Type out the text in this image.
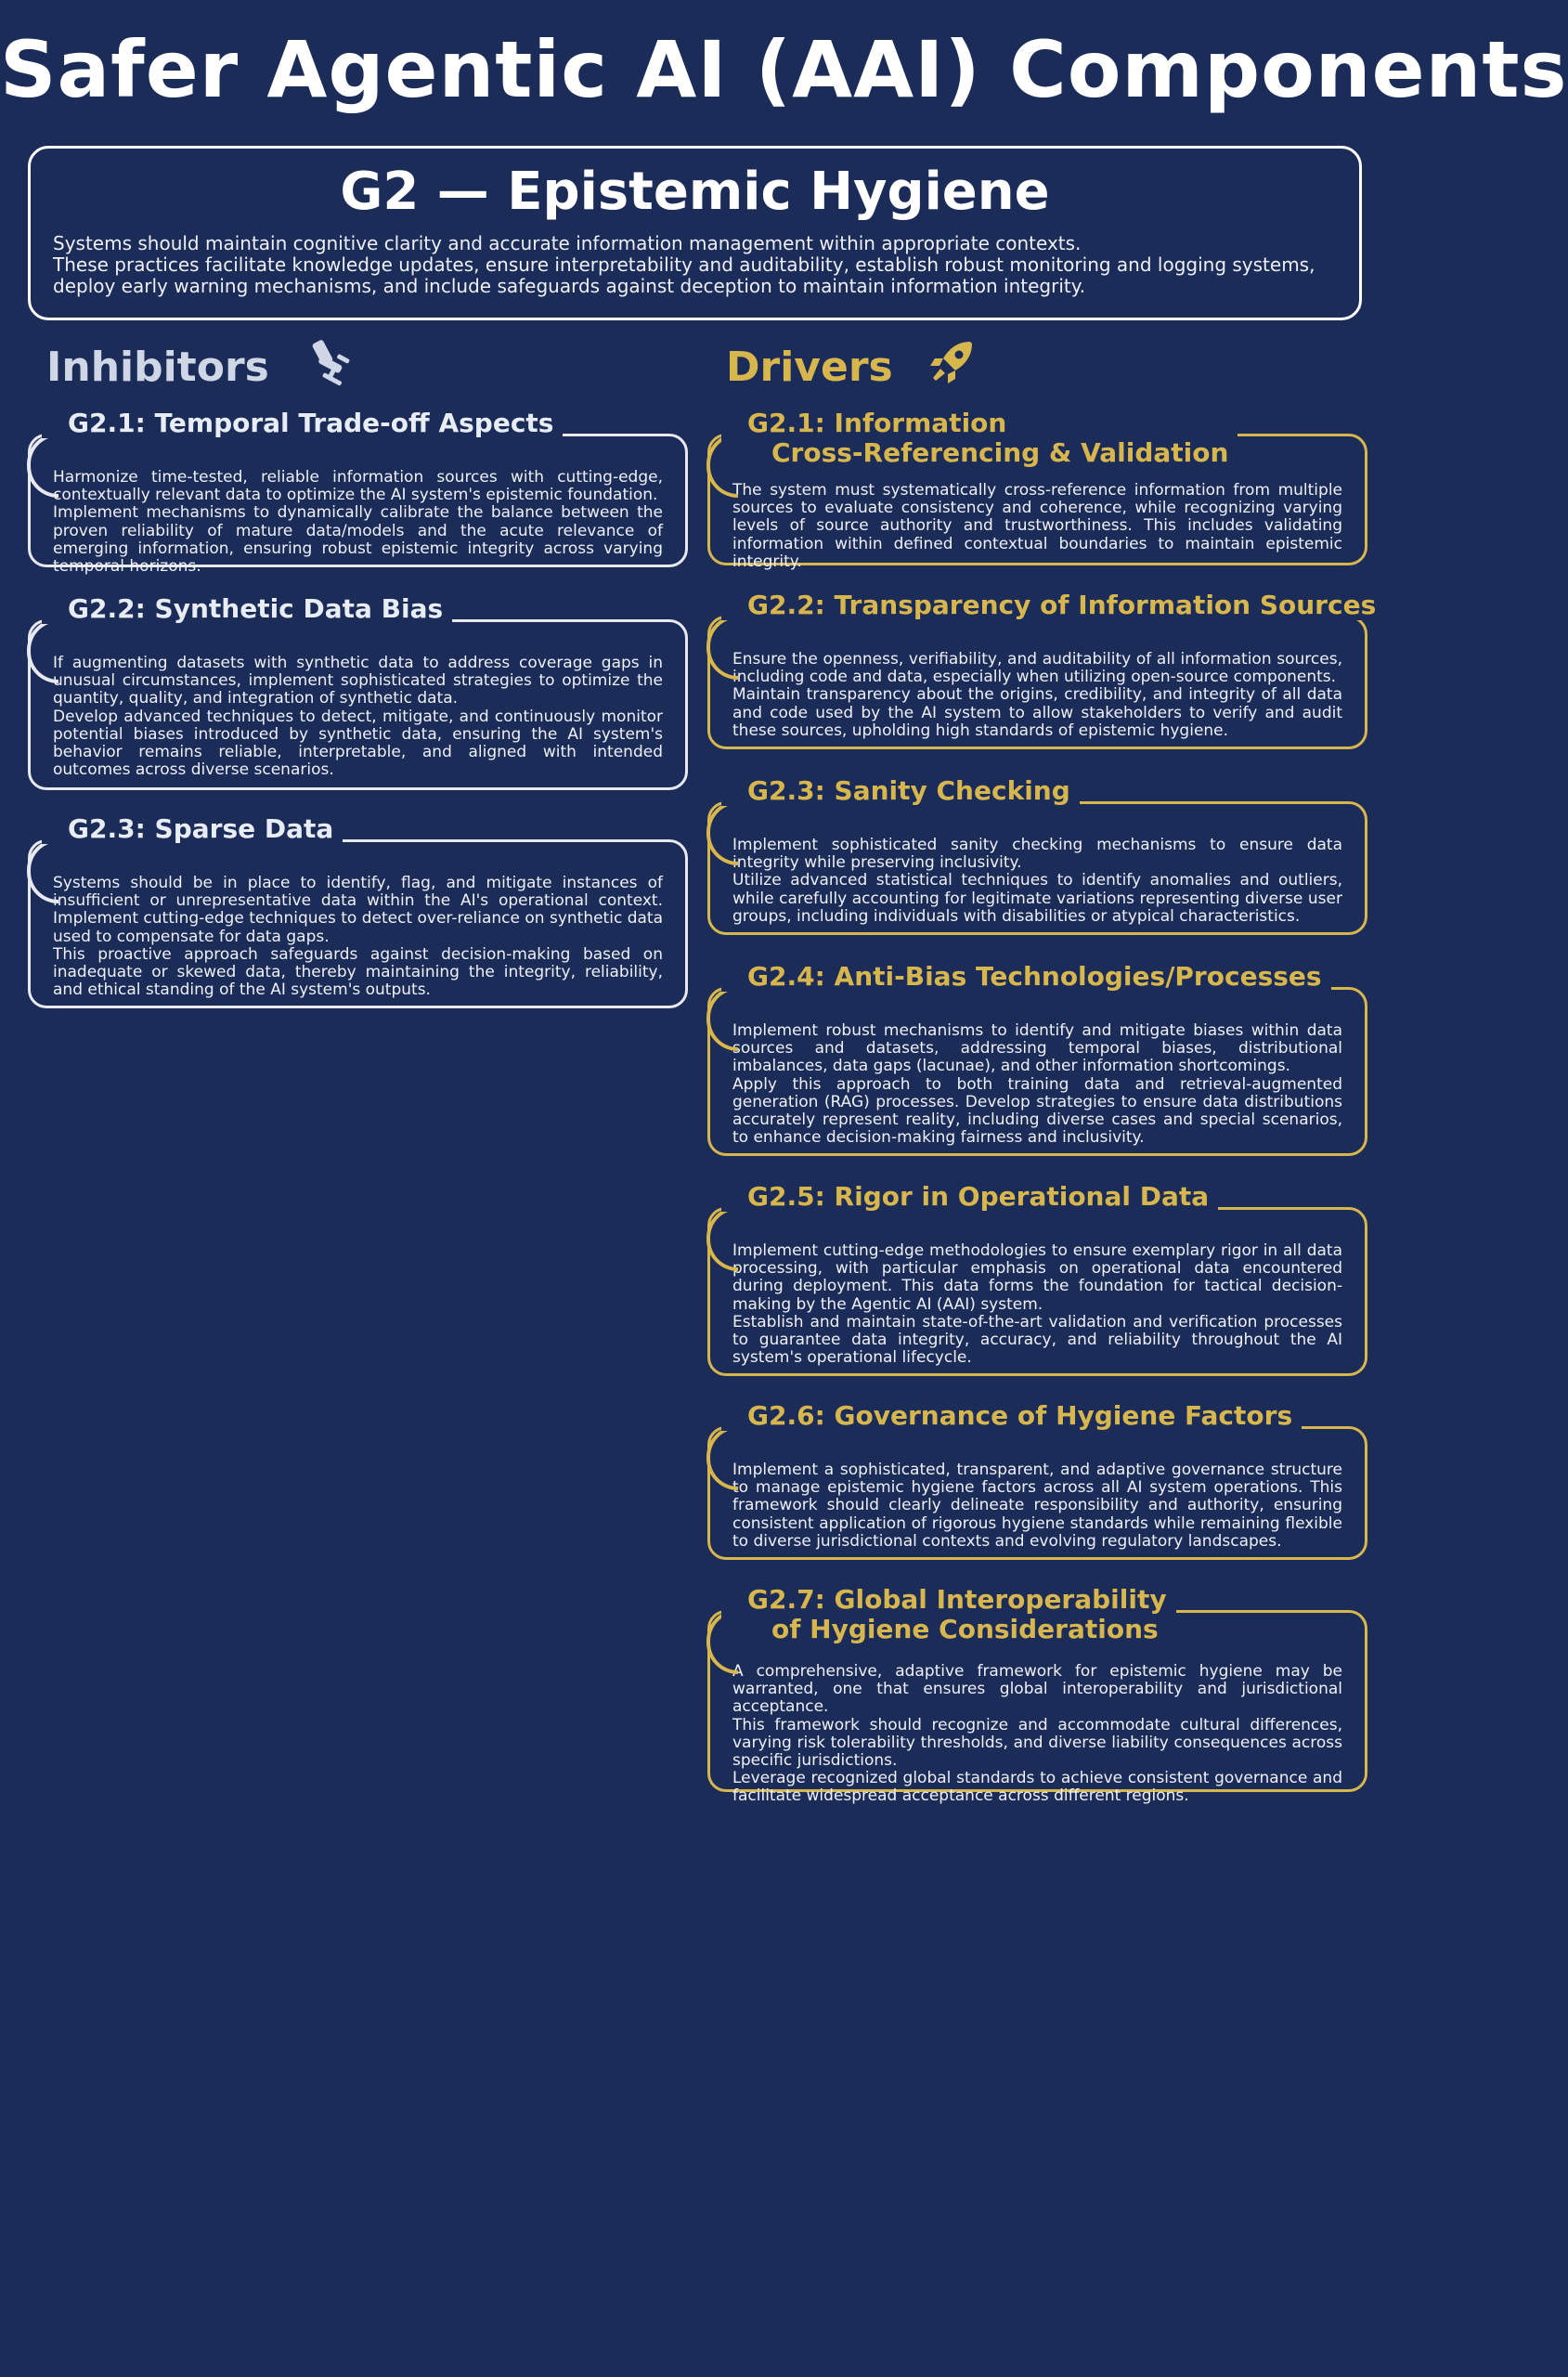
Safer Agentic AI (AAI) Components
G2 — Epistemic Hygiene

Systems should maintain cognitive clarity and accurate information management within appropriate contexts.

These practices facilitate knowledge updates, ensure interpretability and auditability, establish robust monitoring and logging systems, deploy early warning mechanisms, and include safeguards against deception to maintain information integrity.

Inhibitors	Drivers
G2.1: Temporal Trade-off Aspects

Harmonize time-tested, reliable information sources with cutting-edge, contextually relevant data to optimize the AI system's epistemic foundation.

Implement mechanisms to dynamically calibrate the balance between the proven reliability of mature data/models and the acute relevance of emerging information, ensuring robust epistemic integrity across varying temporal horizons.

G2.2: Synthetic Data Bias

If augmenting datasets with synthetic data to address coverage gaps in unusual circumstances, implement sophisticated strategies to optimize the quantity, quality, and integration of synthetic data.

Develop advanced techniques to detect, mitigate, and continuously monitor potential biases introduced by synthetic data, ensuring the AI system's behavior remains reliable, interpretable, and aligned with intended outcomes across diverse scenarios.

G2.3: Sparse Data

Systems should be in place to identify, flag, and mitigate instances of insufficient or unrepresentative data within the AI's operational context. Implement cutting-edge techniques to detect over-reliance on synthetic data used to compensate for data gaps.

This proactive approach safeguards against decision-making based on inadequate or skewed data, thereby maintaining the integrity, reliability, and ethical standing of the AI system's outputs.

G2.1: Information
Cross-Referencing & Validation

The system must systematically cross-reference information from multiple sources to evaluate consistency and coherence, while recognizing varying levels of source authority and trustworthiness. This includes validating information within defined contextual boundaries to maintain epistemic integrity.

G2.2: Transparency of Information Sources

Ensure the openness, verifiability, and auditability of all information sources, including code and data, especially when utilizing open-source components.

Maintain transparency about the origins, credibility, and integrity of all data and code used by the AI system to allow stakeholders to verify and audit these sources, upholding high standards of epistemic hygiene.

G2.3: Sanity Checking

Implement sophisticated sanity checking mechanisms to ensure data integrity while preserving inclusivity.

Utilize advanced statistical techniques to identify anomalies and outliers, while carefully accounting for legitimate variations representing diverse user groups, including individuals with disabilities or atypical characteristics.

G2.4: Anti-Bias Technologies/Processes

Implement robust mechanisms to identify and mitigate biases within data sources and datasets, addressing temporal biases, distributional imbalances, data gaps (lacunae), and other information shortcomings.

Apply this approach to both training data and retrieval-augmented generation (RAG) processes. Develop strategies to ensure data distributions accurately represent reality, including diverse cases and special scenarios, to enhance decision-making fairness and inclusivity.

G2.5: Rigor in Operational Data

Implement cutting-edge methodologies to ensure exemplary rigor in all data processing, with particular emphasis on operational data encountered during deployment. This data forms the foundation for tactical decision-making by the Agentic AI (AAI) system.

Establish and maintain state-of-the-art validation and verification processes to guarantee data integrity, accuracy, and reliability throughout the AI system's operational lifecycle.

G2.6: Governance of Hygiene Factors

Implement a sophisticated, transparent, and adaptive governance structure to manage epistemic hygiene factors across all AI system operations. This framework should clearly delineate responsibility and authority, ensuring consistent application of rigorous hygiene standards while remaining flexible to diverse jurisdictional contexts and evolving regulatory landscapes.

G2.7: Global Interoperability
of Hygiene Considerations

A comprehensive, adaptive framework for epistemic hygiene may be warranted, one that ensures global interoperability and jurisdictional acceptance.

This framework should recognize and accommodate cultural differences, varying risk tolerability thresholds, and diverse liability consequences across specific jurisdictions.

Leverage recognized global standards to achieve consistent governance and facilitate widespread acceptance across different regions.
